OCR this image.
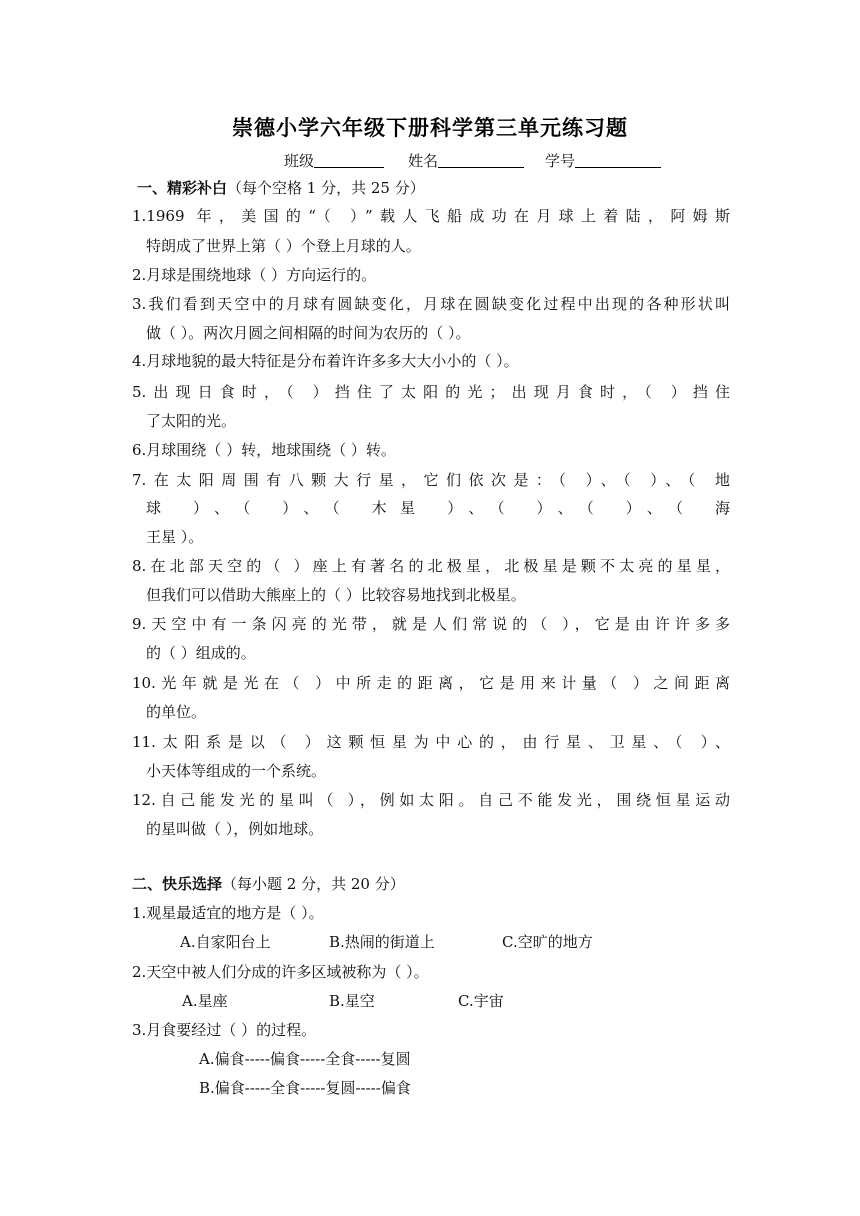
崇德小学六年级下册科学第三单元练习题
班级	姓名	学号
一、精彩补白（每个空格 1 分，共 25 分）
1.1969 年，美国的“（ ）”载人飞船成功在月球上着陆，阿姆斯
特朗成了世界上第（ ）个登上月球的人。
2.月球是围绕地球（ ）方向运行的。
3.我们看到天空中的月球有圆缺变化，月球在圆缺变化过程中出现的各种形状叫
做（ ）。两次月圆之间相隔的时间为农历的（ ）。
4.月球地貌的最大特征是分布着许许多多大大小小的（ ）。
5.出现日食时，（ ）挡住了太阳的光；出现月食时，（ ）挡住
了太阳的光。
6.月球围绕（ ）转，地球围绕（ ）转。
7.在太阳周围有八颗大行星，它们依次是：（ ）、（ ）、（ 地
球 ）、（ ）、（ 木星 ）、（ ）、（ ）、（ 海
王星 ）。
8.在北部天空的（ ）座上有著名的北极星，北极星是颗不太亮的星星，
但我们可以借助大熊座上的（ ）比较容易地找到北极星。
9.天空中有一条闪亮的光带，就是人们常说的（ ），它是由许许多多
的（ ）组成的。
10.光年就是光在（ ）中所走的距离，它是用来计量（ ）之间距离
的单位。
11.太阳系是以（ ）这颗恒星为中心的，由行星、卫星、（ ）、
小天体等组成的一个系统。
12.自己能发光的星叫（ ），例如太阳。自己不能发光，围绕恒星运动
的星叫做（ ），例如地球。
二、快乐选择（每小题 2 分，共 20 分）
1.观星最适宜的地方是（ ）。
A.自家阳台上	B.热闹的街道上	C.空旷的地方
2.天空中被人们分成的许多区域被称为（ ）。
A.星座	B.星空	C.宇宙
3.月食要经过（ ）的过程。
A.偏食-----偏食-----全食-----复圆
B.偏食-----全食-----复圆-----偏食
